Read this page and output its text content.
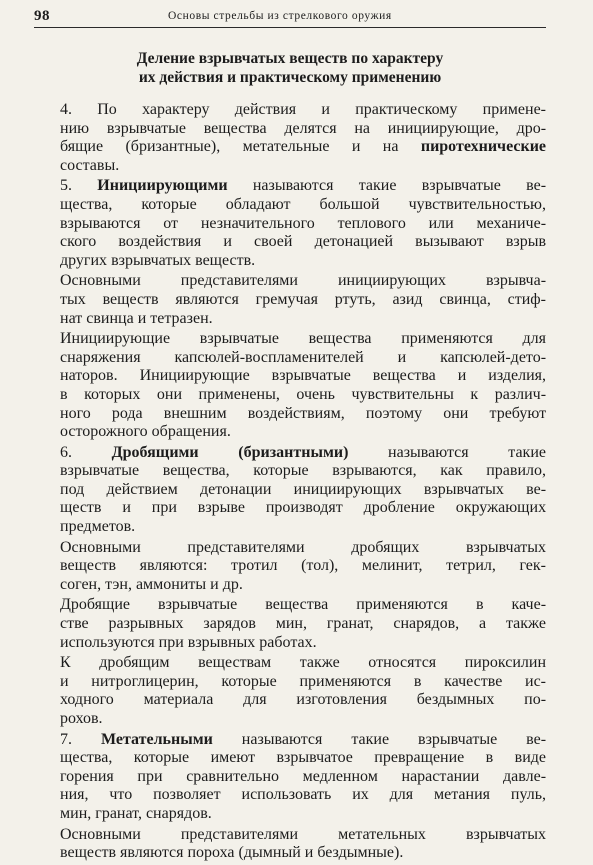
98	Основы стрельбы из стрелкового оружия
Деление взрывчатых веществ по характеру
их действия и практическому применению
4. По характеру действия и практическому примене-
нию взрывчатые вещества делятся на инициирующие, дро-
бящие (бризантные), метательные и на пиротехнические
составы.
5. Инициирующими называются такие взрывчатые ве-
щества, которые обладают большой чувствительностью,
взрываются от незначительного теплового или механиче-
ского воздействия и своей детонацией вызывают взрыв
других взрывчатых веществ.
Основными представителями инициирующих взрывча-
тых веществ являются гремучая ртуть, азид свинца, стиф-
нат свинца и тетразен.
Инициирующие взрывчатые вещества применяются для
снаряжения капсюлей-воспламенителей и капсюлей-дето-
наторов. Инициирующие взрывчатые вещества и изделия,
в которых они применены, очень чувствительны к различ-
ного рода внешним воздействиям, поэтому они требуют
осторожного обращения.
6. Дробящими (бризантными) называются такие
взрывчатые вещества, которые взрываются, как правило,
под действием детонации инициирующих взрывчатых ве-
ществ и при взрыве производят дробление окружающих
предметов.
Основными	представителями	дробящих	взрывчатых
веществ являются: тротил (тол), мелинит, тетрил, гек-
соген, тэн, аммониты и др.
Дробящие взрывчатые вещества применяются в каче-
стве разрывных зарядов мин, гранат, снарядов, а также
используются при взрывных работах.
К дробящим веществам также относятся пироксилин
и нитроглицерин, которые применяются в качестве ис-
ходного материала для изготовления бездымных по-
рохов.
7. Метательными называются такие взрывчатые ве-
щества, которые имеют взрывчатое превращение в виде
горения при сравнительно медленном нарастании давле-
ния, что позволяет использовать их для метания пуль,
мин, гранат, снарядов.
Основными	представителями	метательных	взрывчатых
веществ являются пороха (дымный и бездымные).
